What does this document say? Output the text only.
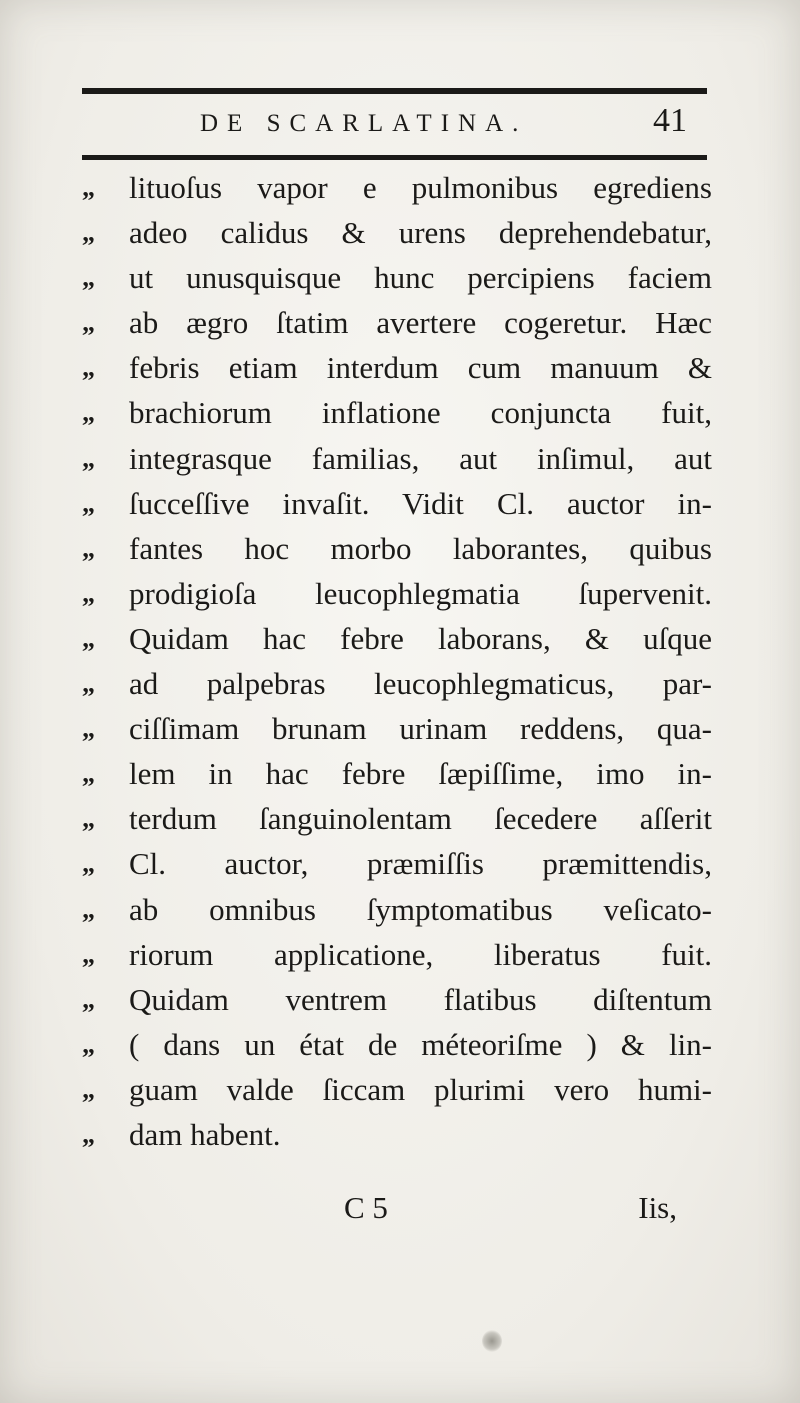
DE SCARLATINA.	41
„ lituoſus vapor e pulmonibus egrediens
„ adeo calidus & urens deprehendebatur,
„ ut unusquisque hunc percipiens faciem
„ ab ægro ſtatim avertere cogeretur. Hæc
„ febris etiam interdum cum manuum &
„ brachiorum inflatione conjuncta fuit,
„ integrasque familias, aut inſimul, aut
„ ſucceſſive invaſit. Vidit Cl. auctor in-
„ fantes hoc morbo laborantes, quibus
„ prodigioſa leucophlegmatia ſupervenit.
„ Quidam hac febre laborans, & uſque
„ ad palpebras leucophlegmaticus, par-
„ ciſſimam brunam urinam reddens, qua-
„ lem in hac febre ſæpiſſime, imo in-
„ terdum ſanguinolentam ſecedere aſſerit
„ Cl. auctor, præmiſſis præmittendis,
„ ab omnibus ſymptomatibus veſicato-
„ riorum applicatione, liberatus fuit.
„ Quidam ventrem flatibus diſtentum
„ ( dans un état de méteoriſme ) & lin-
„ guam valde ſiccam plurimi vero humi-
„ dam habent.
C 5	Iis,
